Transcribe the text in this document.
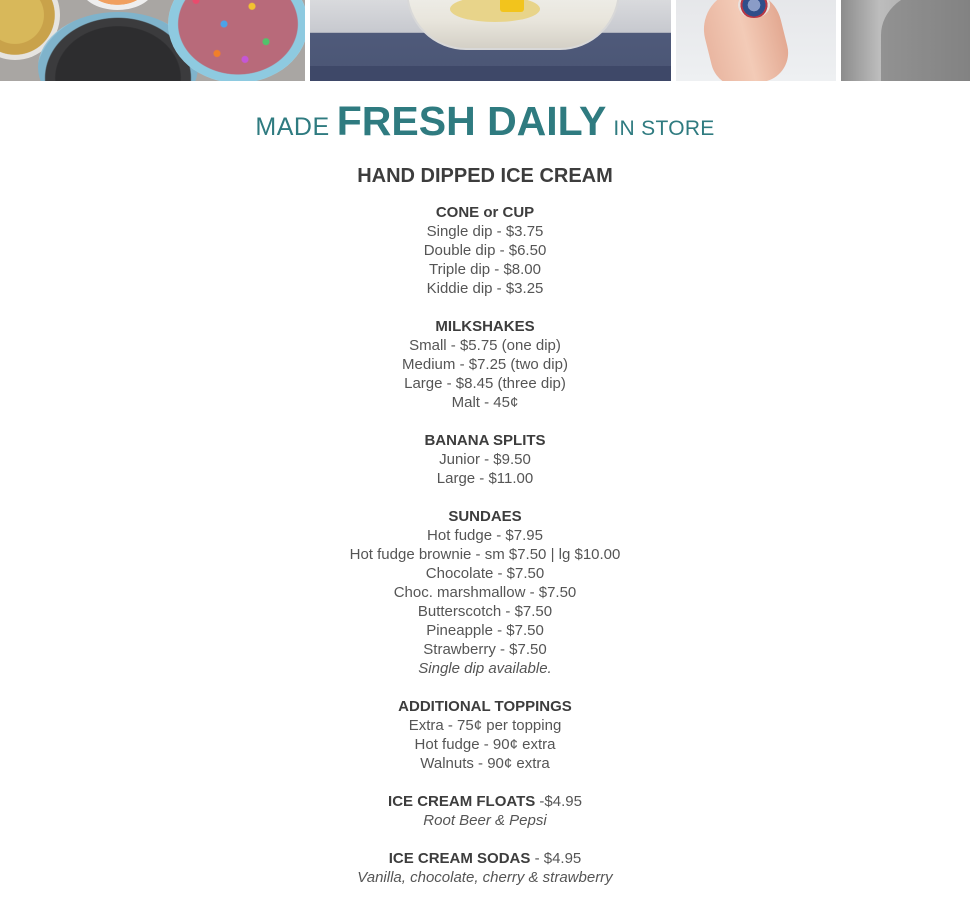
MADE FRESH DAILY IN STORE
HAND DIPPED ICE CREAM
CONE or CUP
Single dip - $3.75
Double dip - $6.50
Triple dip - $8.00
Kiddie dip - $3.25
MILKSHAKES
Small - $5.75 (one dip)
Medium - $7.25 (two dip)
Large - $8.45 (three dip)
Malt - 45¢
BANANA SPLITS
Junior - $9.50
Large - $11.00
SUNDAES
Hot fudge - $7.95
Hot fudge brownie - sm $7.50 | lg $10.00
Chocolate - $7.50
Choc. marshmallow - $7.50
Butterscotch - $7.50
Pineapple - $7.50
Strawberry - $7.50
Single dip available.
ADDITIONAL TOPPINGS
Extra - 75¢ per topping
Hot fudge - 90¢ extra
Walnuts - 90¢ extra
ICE CREAM FLOATS -$4.95
Root Beer & Pepsi
ICE CREAM SODAS - $4.95
Vanilla, chocolate, cherry & strawberry
